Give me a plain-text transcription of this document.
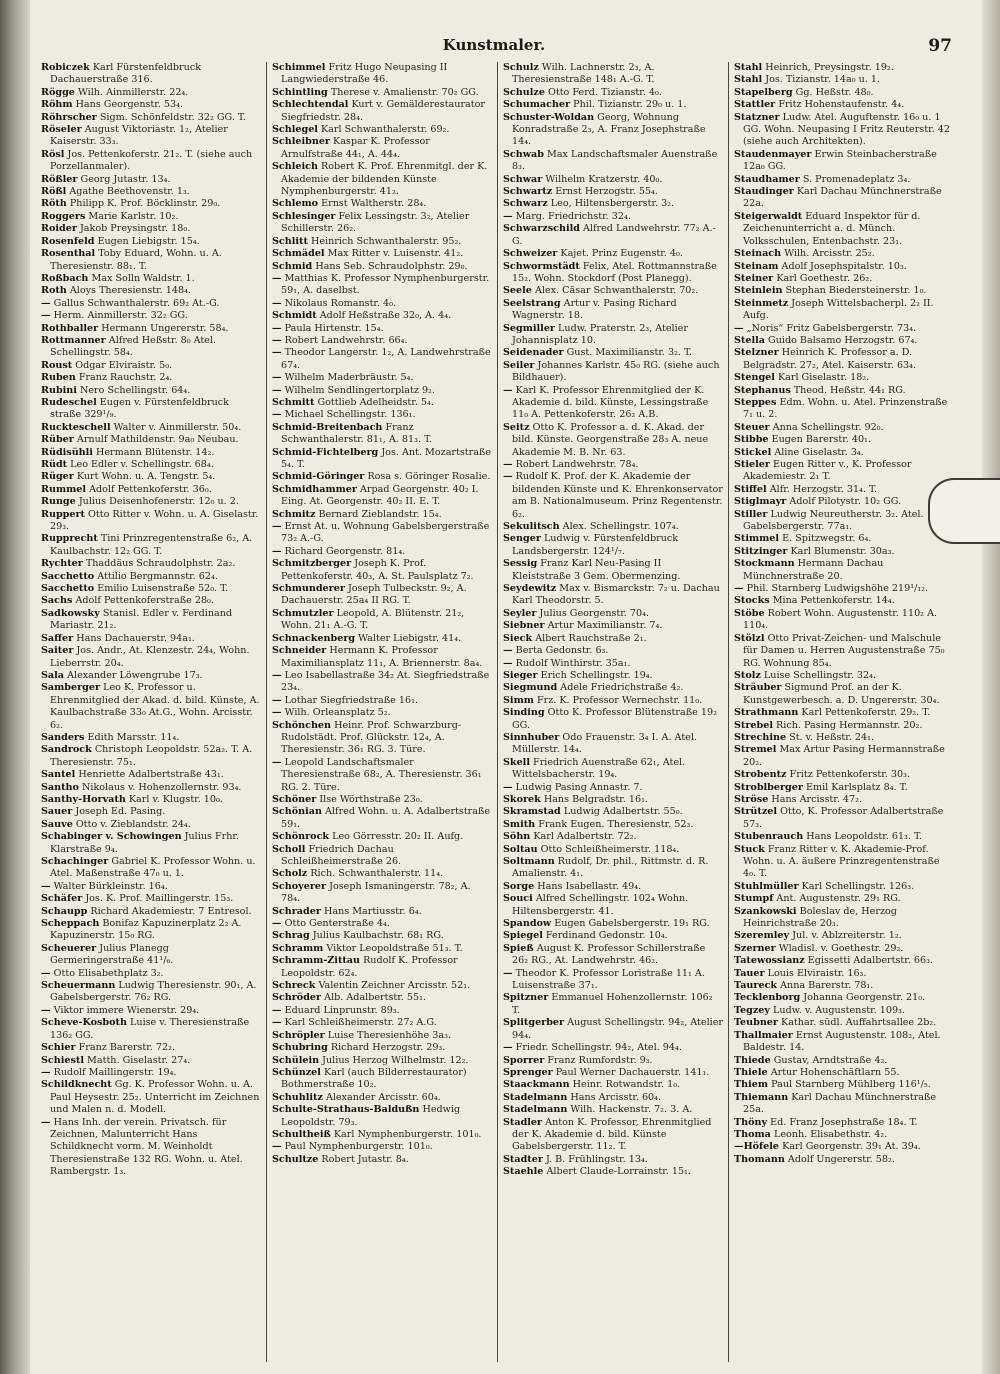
Kunstmaler.	97
Robiczek Karl Fürstenfeldbruck Dachauerstraße 316.
Rögge Wilh. Ainmillerstr. 22₄.
Röhm Hans Georgenstr. 53₄.
Röhrscher Sigm. Schönfeldstr. 32₂ GG. T.
Röseler August Viktoriastr. 1₂, Atelier Kaiserstr. 33₃.
Rösl Jos. Pettenkoferstr. 21₂. T. (siehe auch Porzellanmaler).
Rößler Georg Jutastr. 13₄.
Rößl Agathe Beethovenstr. 1₃.
Röth Philipp K. Prof. Böcklinstr. 29₀.
Roggers Marie Karlstr. 10₂.
Roider Jakob Preysingstr. 18₀.
Rosenfeld Eugen Liebigstr. 15₄.
Rosenthal Toby Eduard, Wohn. u. A. Theresienstr. 88₁. T.
Roßbach Max Solln Waldstr. 1.
Roth Aloys Theresienstr. 148₄.
— Gallus Schwanthalerstr. 69₂ At.-G.
— Herm. Ainmillerstr. 32₂ GG.
Rothballer Hermann Ungererstr. 58₄.
Rottmanner Alfred Heßstr. 8₀ Atel. Schellingstr. 58₄.
Roust Odgar Elviraistr. 5₀.
Ruben Franz Rauchstr. 2₄.
Rubini Nero Schellingstr. 64₄.
Rudeschel Eugen v. Fürstenfeldbruck straße 329¹/₉.
Ruckteschell Walter v. Ainmillerstr. 50₄.
Rüber Arnulf Mathildenstr. 9a₀ Neubau.
Rüdisühli Hermann Blütenstr. 14₂.
Rüdt Leo Edler v. Schellingstr. 68₄.
Rüger Kurt Wohn. u. A. Tengstr. 5₄.
Rummel Adolf Pettenkoferstr. 36₀.
Runge Julius Deisenhofenerstr. 12₀ u. 2.
Ruppert Otto Ritter v. Wohn. u. A. Giselastr. 29₃.
Rupprecht Tini Prinzregentenstraße 6₂, A. Kaulbachstr. 12₂ GG. T.
Rychter Thaddäus Schraudolphstr. 2a₂.
Sacchetto Attilio Bergmannstr. 62₄.
Sacchetto Emilio Luisenstraße 52₀. T.
Sachs Adolf Pettenkoferstraße 28₀.
Sadkowsky Stanisl. Edler v. Ferdinand Mariastr. 21₂.
Saffer Hans Dachauerstr. 94a₁.
Saiter Jos. Andr., At. Klenzestr. 24₄, Wohn. Lieberrstr. 20₄.
Sala Alexander Löwengrube 17₃.
Samberger Leo K. Professor u. Ehrenmitglied der Akad. d. bild. Künste, A. Kaulbachstraße 33₀ At.G., Wohn. Arcisstr. 6₂.
Sanders Edith Marsstr. 11₄.
Sandrock Christoph Leopoldstr. 52a₂. T. A. Theresienstr. 75₁.
Santel Henriette Adalbertstraße 43₁.
Santho Nikolaus v. Hohenzollernstr. 93₄.
Santhy-Horvath Karl v. Klugstr. 10₀.
Sauer Joseph Ed. Pasing.
Sauve Otto v. Zieblandstr. 24₄.
Schabinger v. Schowingen Julius Frhr. Klarstraße 9₄.
Schachinger Gabriel K. Professor Wohn. u. Atel. Maßenstraße 47₀ u. 1.
— Walter Bürkleinstr. 16₄.
Schäfer Jos. K. Prof. Maillingerstr. 15₃.
Schaupp Richard Akademiestr. 7 Entresol.
Scheppach Bonifaz Kapuzinerplatz 2₂ A. Kapuzinerstr. 15₀ RG.
Scheuerer Julius Planegg Germeringerstraße 41¹/₆.
— Otto Elisabethplatz 3₂.
Scheuermann Ludwig Theresienstr. 90₁, A. Gabelsbergerstr. 76₂ RG.
— Viktor immere Wienerstr. 29₄.
Scheve-Kosboth Luise v. Theresienstraße 136₂ GG.
Schier Franz Barerstr. 72₂.
Schiestl Matth. Giselastr. 27₄.
— Rudolf Maillingerstr. 19₄.
Schildknecht Gg. K. Professor Wohn. u. A. Paul Heysestr. 25₂. Unterricht im Zeichnen und Malen n. d. Modell.
— Hans Inh. der verein. Privatsch. für Zeichnen, Malunterricht Hans Schildknecht vorm. M. Weinholdt Theresienstraße 132 RG. Wohn. u. Atel. Rambergstr. 1₃.
Schimmel Fritz Hugo Neupasing II Langwiederstraße 46.
Schintling Therese v. Amalienstr. 70₂ GG.
Schlechtendal Kurt v. Gemälderestaurator Siegfriedstr. 28₄.
Schlegel Karl Schwanthalerstr. 69₂.
Schleibner Kaspar K. Professor Arnulfstraße 44₁, A. 44₄.
Schleich Robert K. Prof. Ehrenmitgl. der K. Akademie der bildenden Künste Nymphenburgerstr. 41₂.
Schlemo Ernst Waltherstr. 28₄.
Schlesinger Felix Lessingstr. 3₂, Atelier Schillerstr. 26₂.
Schlitt Heinrich Schwanthalerstr. 95₂.
Schmädel Max Ritter v. Luisenstr. 41₂.
Schmid Hans Seb. Schraudolphstr. 29₀.
— Matthias K. Professor Nymphenburgerstr. 59₁, A. daselbst.
— Nikolaus Romanstr. 4₀.
Schmidt Adolf Heßstraße 32₀, A. 4₄.
— Paula Hirtenstr. 15₄.
— Robert Landwehrstr. 66₄.
— Theodor Langerstr. 1₂, A. Landwehrstraße 67₄.
— Wilhelm Maderbräustr. 5₄.
— Wilhelm Sendlingertorplatz 9₂.
Schmitt Gottlieb Adelheidstr. 5₄.
— Michael Schellingstr. 136₁.
Schmid-Breitenbach Franz Schwanthalerstr. 81₁, A. 81₃. T.
Schmid-Fichtelberg Jos. Ant. Mozartstraße 5₄. T.
Schmid-Göringer Rosa s. Göringer Rosalie.
Schmidhammer Arpad Georgenstr. 40₂ I. Eing. At. Georgenstr. 40₂ II. E. T.
Schmitz Bernard Zieblandstr. 15₄.
— Ernst At. u. Wohnung Gabelsbergerstraße 73₂ A.-G.
— Richard Georgenstr. 81₄.
Schmitzberger Joseph K. Prof. Pettenkoferstr. 40₃, A. St. Paulsplatz 7₂.
Schmunderer Joseph Tulbeckstr. 9₂, A. Dachauerstr. 25a₄ II RG. T.
Schmutzler Leopold, A. Blütenstr. 21₂, Wohn. 21₁ A.-G. T.
Schnackenberg Walter Liebigstr. 41₄.
Schneider Hermann K. Professor Maximiliansplatz 11₁, A. Briennerstr. 8a₄.
— Leo Isabellastraße 34₂ At. Siegfriedstraße 23₄.
— Lothar Siegfriedstraße 16₁.
— Wilh. Orleansplatz 5₂.
Schönchen Heinr. Prof. Schwarzburg-Rudolstädt. Prof. Glückstr. 12₄, A. Theresienstr. 36₁ RG. 3. Türe.
— Leopold Landschaftsmaler Theresienstraße 68₂, A. Theresienstr. 36₁ RG. 2. Türe.
Schöner Ilse Wörthstraße 23₀.
Schönian Alfred Wohn. u. A. Adalbertstraße 59₁.
Schönrock Leo Görresstr. 20₂ II. Aufg.
Scholl Friedrich Dachau Schleißheimerstraße 26.
Scholz Rich. Schwanthalerstr. 11₄.
Schoyerer Joseph Ismaningerstr. 78₂, A. 78₄.
Schrader Hans Martiusstr. 6₄.
— Otto Genterstraße 4₄.
Schrag Julius Kaulbachstr. 68₁ RG.
Schramm Viktor Leopoldstraße 51₃. T.
Schramm-Zittau Rudolf K. Professor Leopoldstr. 62₄.
Schreck Valentin Zeichner Arcisstr. 52₁.
Schröder Alb. Adalbertstr. 55₁.
— Eduard Linprunstr. 89₃.
— Karl Schleißheimerstr. 27₂ A.G.
Schröpler Luise Theresienhöhe 3a₃.
Schubring Richard Herzogstr. 29₃.
Schülein Julius Herzog Wilhelmstr. 12₂.
Schünzel Karl (auch Bilderrestaurator) Bothmerstraße 10₂.
Schuhlitz Alexander Arcisstr. 60₄.
Schulte-Strathaus-Baldußn Hedwig Leopoldstr. 79₃.
Schultheiß Karl Nymphenburgerstr. 101₀.
— Paul Nymphenburgerstr. 101₀.
Schultze Robert Jutastr. 8₄.
Schulz Wilh. Lachnerstr. 2₃, A. Theresienstraße 148₁ A.-G. T.
Schulze Otto Ferd. Tizianstr. 4₀.
Schumacher Phil. Tizianstr. 29₀ u. 1.
Schuster-Woldan Georg, Wohnung Konradstraße 2₃, A. Franz Josephstraße 14₄.
Schwab Max Landschaftsmaler Auenstraße 8₃.
Schwar Wilhelm Kratzerstr. 40₀.
Schwartz Ernst Herzogstr. 55₄.
Schwarz Leo, Hiltensbergerstr. 3₂.
— Marg. Friedrichstr. 32₄.
Schwarzschild Alfred Landwehrstr. 77₂ A.-G.
Schweizer Kajet. Prinz Eugenstr. 4₀.
Schwormstädt Felix, Atel. Rottmannstraße 15₂. Wohn. Stockdorf (Post Planegg).
Seele Alex. Cäsar Schwanthalerstr. 70₂.
Seelstrang Artur v. Pasing Richard Wagnerstr. 18.
Segmiller Ludw. Praterstr. 2₃, Atelier Johannisplatz 10.
Seidenader Gust. Maximilianstr. 3₂. T.
Seiler Johannes Karlstr. 45₀ RG. (siehe auch Bildhauer).
— Karl K. Professor Ehrenmitglied der K. Akademie d. bild. Künste, Lessingstraße 11₀ A. Pettenkoferstr. 26₂ A.B.
Seitz Otto K. Professor a. d. K. Akad. der bild. Künste. Georgenstraße 28₃ A. neue Akademie M. B. Nr. 63.
— Robert Landwehrstr. 78₄.
— Rudolf K. Prof. der K. Akademie der bildenden Künste und K. Ehrenkonservator am B. Nationalmuseum. Prinz Regentenstr. 6₂.
Sekulitsch Alex. Schellingstr. 107₄.
Senger Ludwig v. Fürstenfeldbruck Landsbergerstr. 124¹/₇.
Sessig Franz Karl Neu-Pasing II Kleiststraße 3 Gem. Obermenzing.
Seydewitz Max v. Bismarckstr. 7₂ u. Dachau Karl Theodorstr. 5.
Seyler Julius Georgenstr. 70₄.
Siebner Artur Maximilianstr. 7₄.
Sieck Albert Rauchstraße 2₁.
— Berta Gedonstr. 6₃.
— Rudolf Winthirstr. 35a₁.
Sieger Erich Schellingstr. 19₄.
Siegmund Adele Friedrichstraße 4₂.
Simm Frz. K. Professor Wernechstr. 11₀.
Sinding Otto K. Professor Blütenstraße 19₂ GG.
Sinnhuber Odo Frauenstr. 3₄ I. A. Atel. Müllerstr. 14₄.
Skell Friedrich Auenstraße 62₁, Atel. Wittelsbacherstr. 19₄.
— Ludwig Pasing Annastr. 7.
Skorek Hans Belgradstr. 16₁.
Skramstad Ludwig Adalbertstr. 55₀.
Smith Frank Eugen. Theresienstr. 52₃.
Söhn Karl Adalbertstr. 72₂.
Soltau Otto Schleißheimerstr. 118₄.
Soltmann Rudolf, Dr. phil., Rittmstr. d. R. Amalienstr. 4₁.
Sorge Hans Isabellastr. 49₄.
Souci Alfred Schellingstr. 102₄ Wohn. Hiltensbergerstr. 41.
Spandow Eugen Gabelsbergerstr. 19₁ RG.
Spiegel Ferdinand Gedonstr. 10₄.
Spieß August K. Professor Schillerstraße 26₂ RG., At. Landwehrstr. 46₂.
— Theodor K. Professor Loristraße 11₁ A. Luisenstraße 37₁.
Spitzner Emmanuel Hohenzollernstr. 106₂ T.
Splitgerber August Schellingstr. 94₂, Atelier 94₄.
— Friedr. Schellingstr. 94₂, Atel. 94₄.
Sporrer Franz Rumfordstr. 9₃.
Sprenger Paul Werner Dachauerstr. 141₁.
Staackmann Heinr. Rotwandstr. 1₀.
Stadelmann Hans Arcisstr. 60₄.
Stadelmann Wilh. Hackenstr. 7₂. 3. A.
Stadler Anton K. Professor, Ehrenmitglied der K. Akademie d. bild. Künste Gabelsbergerstr. 11₂. T.
Stadter J. B. Frühlingstr. 13₄.
Staehle Albert Claude-Lorrainstr. 15₁.
Stahl Heinrich, Preysingstr. 19₂.
Stahl Jos. Tizianstr. 14a₀ u. 1.
Stapelberg Gg. Heßstr. 48₀.
Stattler Fritz Hohenstaufenstr. 4₄.
Statzner Ludw. Atel. Auguftenstr. 16₀ u. 1 GG. Wohn. Neupasing I Fritz Reuterstr. 42 (siehe auch Architekten).
Staudenmayer Erwin Steinbacherstraße 12a₀ GG.
Staudhamer S. Promenadeplatz 3₄.
Staudinger Karl Dachau Münchnerstraße 22a.
Steigerwaldt Eduard Inspektor für d. Zeichenunterricht a. d. Münch. Volksschulen, Entenbachstr. 23₁.
Steinach Wilh. Arcisstr. 25₂.
Steinam Adolf Josephspitalstr. 10₃.
Steiner Karl Goethestr. 26₂.
Steinlein Stephan Biedersteinerstr. 1₀.
Steinmetz Joseph Wittelsbacherpl. 2₂ II. Aufg.
— „Noris“ Fritz Gabelsbergerstr. 73₄.
Stella Guido Balsamo Herzogstr. 67₄.
Stelzner Heinrich K. Professor a. D. Belgradstr. 27₂, Atel. Kaiserstr. 63₄.
Stengel Karl Giselastr. 18₂.
Stephanus Theod. Heßstr. 44₁ RG.
Steppes Edm. Wohn. u. Atel. Prinzenstraße 7₁ u. 2.
Steuer Anna Schellingstr. 92₀.
Stibbe Eugen Barerstr. 40₁.
Stickel Aline Giselastr. 3₄.
Stieler Eugen Ritter v., K. Professor Akademiestr. 2₁ T.
Stiffel Alfr. Herzogstr. 31₄. T.
Stiglmayr Adolf Pilotystr. 10₂ GG.
Stiller Ludwig Neureutherstr. 3₂. Atel. Gabelsbergerstr. 77a₁.
Stimmel E. Spitzwegstr. 6₄.
Stitzinger Karl Blumenstr. 30a₃.
Stockmann Hermann Dachau Münchnerstraße 20.
— Phil. Starnberg Ludwigshöhe 219¹/₁₂.
Stocks Mina Pettenkoferstr. 14₄.
Stöbe Robert Wohn. Augustenstr. 110₂ A. 110₄.
Stölzl Otto Privat-Zeichen- und Malschule für Damen u. Herren Augustenstraße 75₀ RG. Wohnung 85₄.
Stolz Luise Schellingstr. 32₄.
Sträuber Sigmund Prof. an der K. Kunstgewerbesch. a. D. Ungererstr. 30₄.
Strathmann Karl Pettenkoferstr. 29₂. T.
Strebel Rich. Pasing Hermannstr. 20₂.
Strechine St. v. Heßstr. 24₁.
Stremel Max Artur Pasing Hermannstraße 20₂.
Strobentz Fritz Pettenkoferstr. 30₃.
Stroblberger Emil Karlsplatz 8₄. T.
Ströse Hans Arcisstr. 47₂.
Strützel Otto, K. Professor Adalbertstraße 57₃.
Stubenrauch Hans Leopoldstr. 61₃. T.
Stuck Franz Ritter v. K. Akademie-Prof. Wohn. u. A. äußere Prinzregentenstraße 4₀. T.
Stuhlmüller Karl Schellingstr. 126₃.
Stumpf Ant. Augustenstr. 29₁ RG.
Szankowski Boleslav de, Herzog Heinrichstraße 20₃.
Szeremley Jul. v. Ablzreiterstr. 1₂.
Szerner Wladisl. v. Goethestr. 29₂.
Tatewossianz Egissetti Adalbertstr. 66₃.
Tauer Louis Elviraistr. 16₃.
Taureck Anna Barerstr. 78₁.
Tecklenborg Johanna Georgenstr. 21₀.
Tegzey Ludw. v. Augustenstr. 109₃.
Teubner Kathar. südl. Auffahrtsallee 2b₂.
Thallmaier Ernst Augustenstr. 108₂, Atel. Baldestr. 14.
Thiede Gustav, Arndtstraße 4₂.
Thiele Artur Hohenschäftlarn 55.
Thiem Paul Starnberg Mühlberg 116¹/₅.
Thiemann Karl Dachau Münchnerstraße 25a.
Thöny Ed. Franz Josephstraße 18₄. T.
Thoma Leonh. Elisabethstr. 4₂.
—Höfele Karl Georgenstr. 39₁ At. 39₄.
Thomann Adolf Ungererstr. 58₂.
